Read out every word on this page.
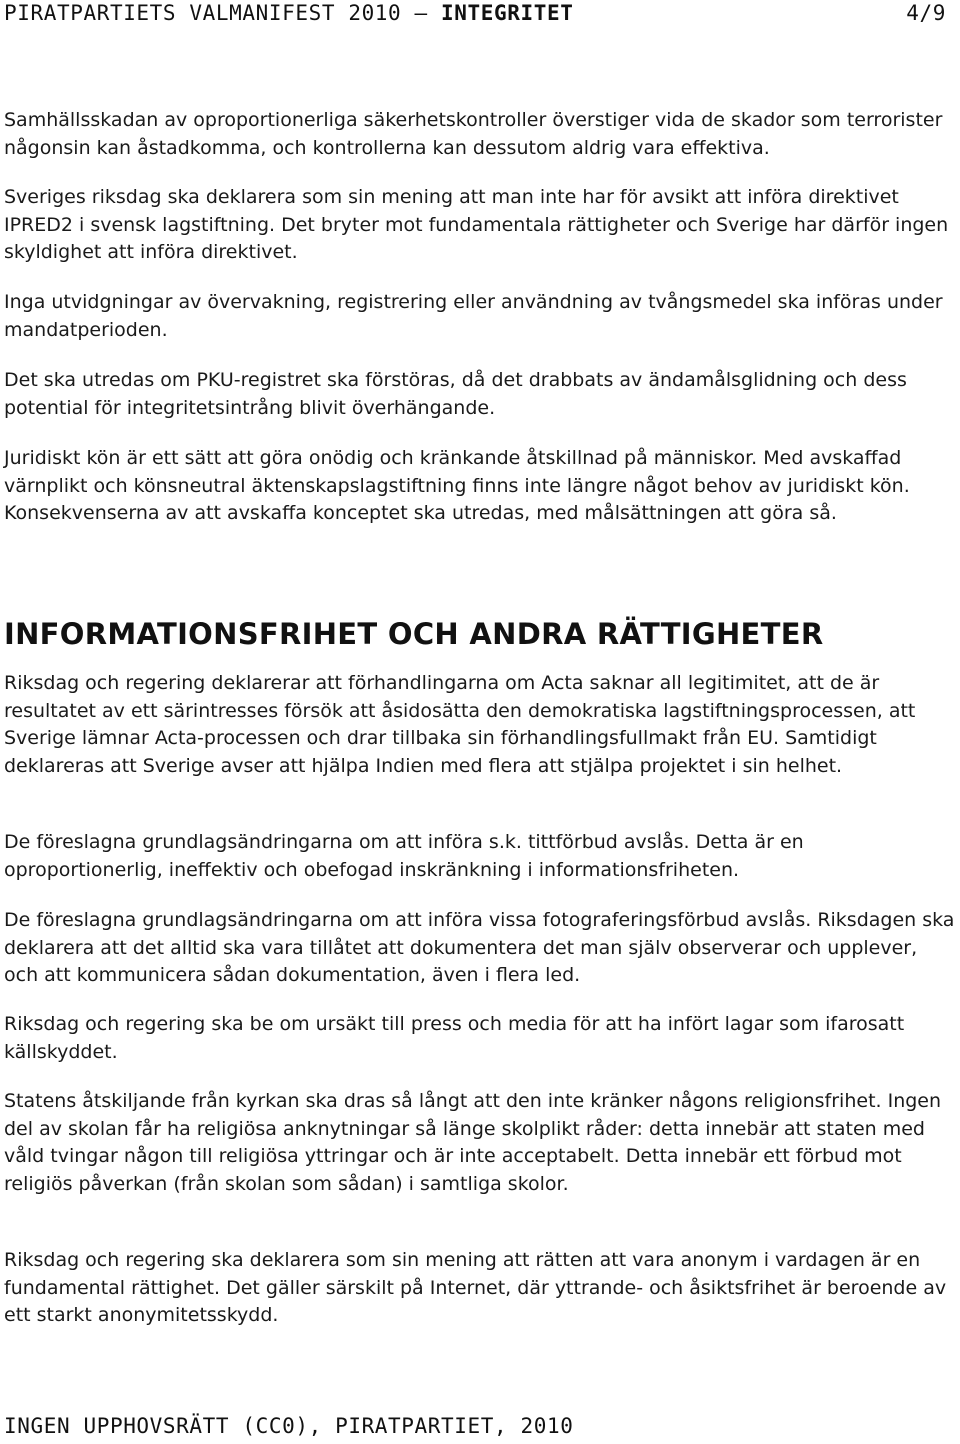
PIRATPARTIETS VALMANIFEST 2010 – INTEGRITET	4/9

Samhällsskadan av oproportionerliga säkerhetskontroller överstiger vida de skador som terrorister någonsin kan åstadkomma, och kontrollerna kan dessutom aldrig vara effektiva.

Sveriges riksdag ska deklarera som sin mening att man inte har för avsikt att införa direktivet IPRED2 i svensk lagstiftning. Det bryter mot fundamentala rättigheter och Sverige har därför ingen skyldighet att införa direktivet.

Inga utvidgningar av övervakning, registrering eller användning av tvångsmedel ska införas under mandatperioden.

Det ska utredas om PKU-registret ska förstöras, då det drabbats av ändamålsglidning och dess potential för integritetsintrång blivit överhängande.

Juridiskt kön är ett sätt att göra onödig och kränkande åtskillnad på människor. Med avskaffad värnplikt och könsneutral äktenskapslagstiftning finns inte längre något behov av juridiskt kön. Konsekvenserna av att avskaffa konceptet ska utredas, med målsättningen att göra så.

INFORMATIONSFRIHET OCH ANDRA RÄTTIGHETER

Riksdag och regering deklarerar att förhandlingarna om Acta saknar all legitimitet, att de är resultatet av ett särintresses försök att åsidosätta den demokratiska lagstiftningsprocessen, att Sverige lämnar Acta-processen och drar tillbaka sin förhandlingsfullmakt från EU. Samtidigt deklareras att Sverige avser att hjälpa Indien med flera att stjälpa projektet i sin helhet.

De föreslagna grundlagsändringarna om att införa s.k. tittförbud avslås. Detta är en oproportionerlig, ineffektiv och obefogad inskränkning i informationsfriheten.

De föreslagna grundlagsändringarna om att införa vissa fotograferingsförbud avslås. Riksdagen ska deklarera att det alltid ska vara tillåtet att dokumentera det man själv observerar och upplever, och att kommunicera sådan dokumentation, även i flera led.

Riksdag och regering ska be om ursäkt till press och media för att ha infört lagar som ifarosatt källskyddet.

Statens åtskiljande från kyrkan ska dras så långt att den inte kränker någons religionsfrihet. Ingen del av skolan får ha religiösa anknytningar så länge skolplikt råder: detta innebär att staten med våld tvingar någon till religiösa yttringar och är inte acceptabelt. Detta innebär ett förbud mot religiös påverkan (från skolan som sådan) i samtliga skolor.

Riksdag och regering ska deklarera som sin mening att rätten att vara anonym i vardagen är en fundamental rättighet. Det gäller särskilt på Internet, där yttrande- och åsiktsfrihet är beroende av ett starkt anonymitetsskydd.

INGEN UPPHOVSRÄTT (CC0), PIRATPARTIET, 2010
